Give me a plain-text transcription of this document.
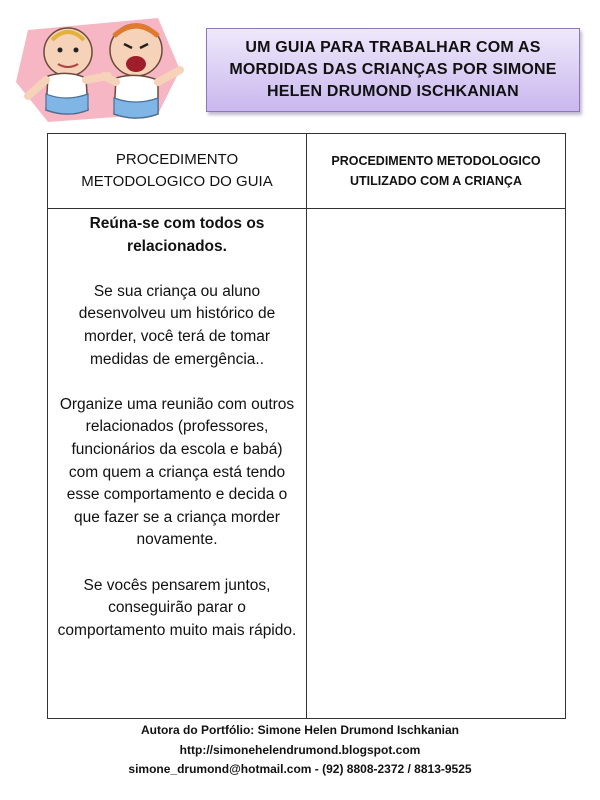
UM GUIA PARA TRABALHAR COM AS MORDIDAS DAS CRIANÇAS POR SIMONE HELEN DRUMOND ISCHKANIAN
PROCEDIMENTO METODOLOGICO DO GUIA
PROCEDIMENTO METODOLOGICO UTILIZADO COM A CRIANÇA

Reúna-se com todos os relacionados.

Se sua criança ou aluno desenvolveu um histórico de morder, você terá de tomar medidas de emergência..

Organize uma reunião com outros relacionados (professores, funcionários da escola e babá) com quem a criança está tendo esse comportamento e decida o que fazer se a criança morder novamente.

Se vocês pensarem juntos, conseguirão parar o comportamento muito mais rápido.

Autora do Portfólio: Simone Helen Drumond Ischkanian
http://simonehelendrumond.blogspot.com
simone_drumond@hotmail.com - (92) 8808-2372 / 8813-9525
